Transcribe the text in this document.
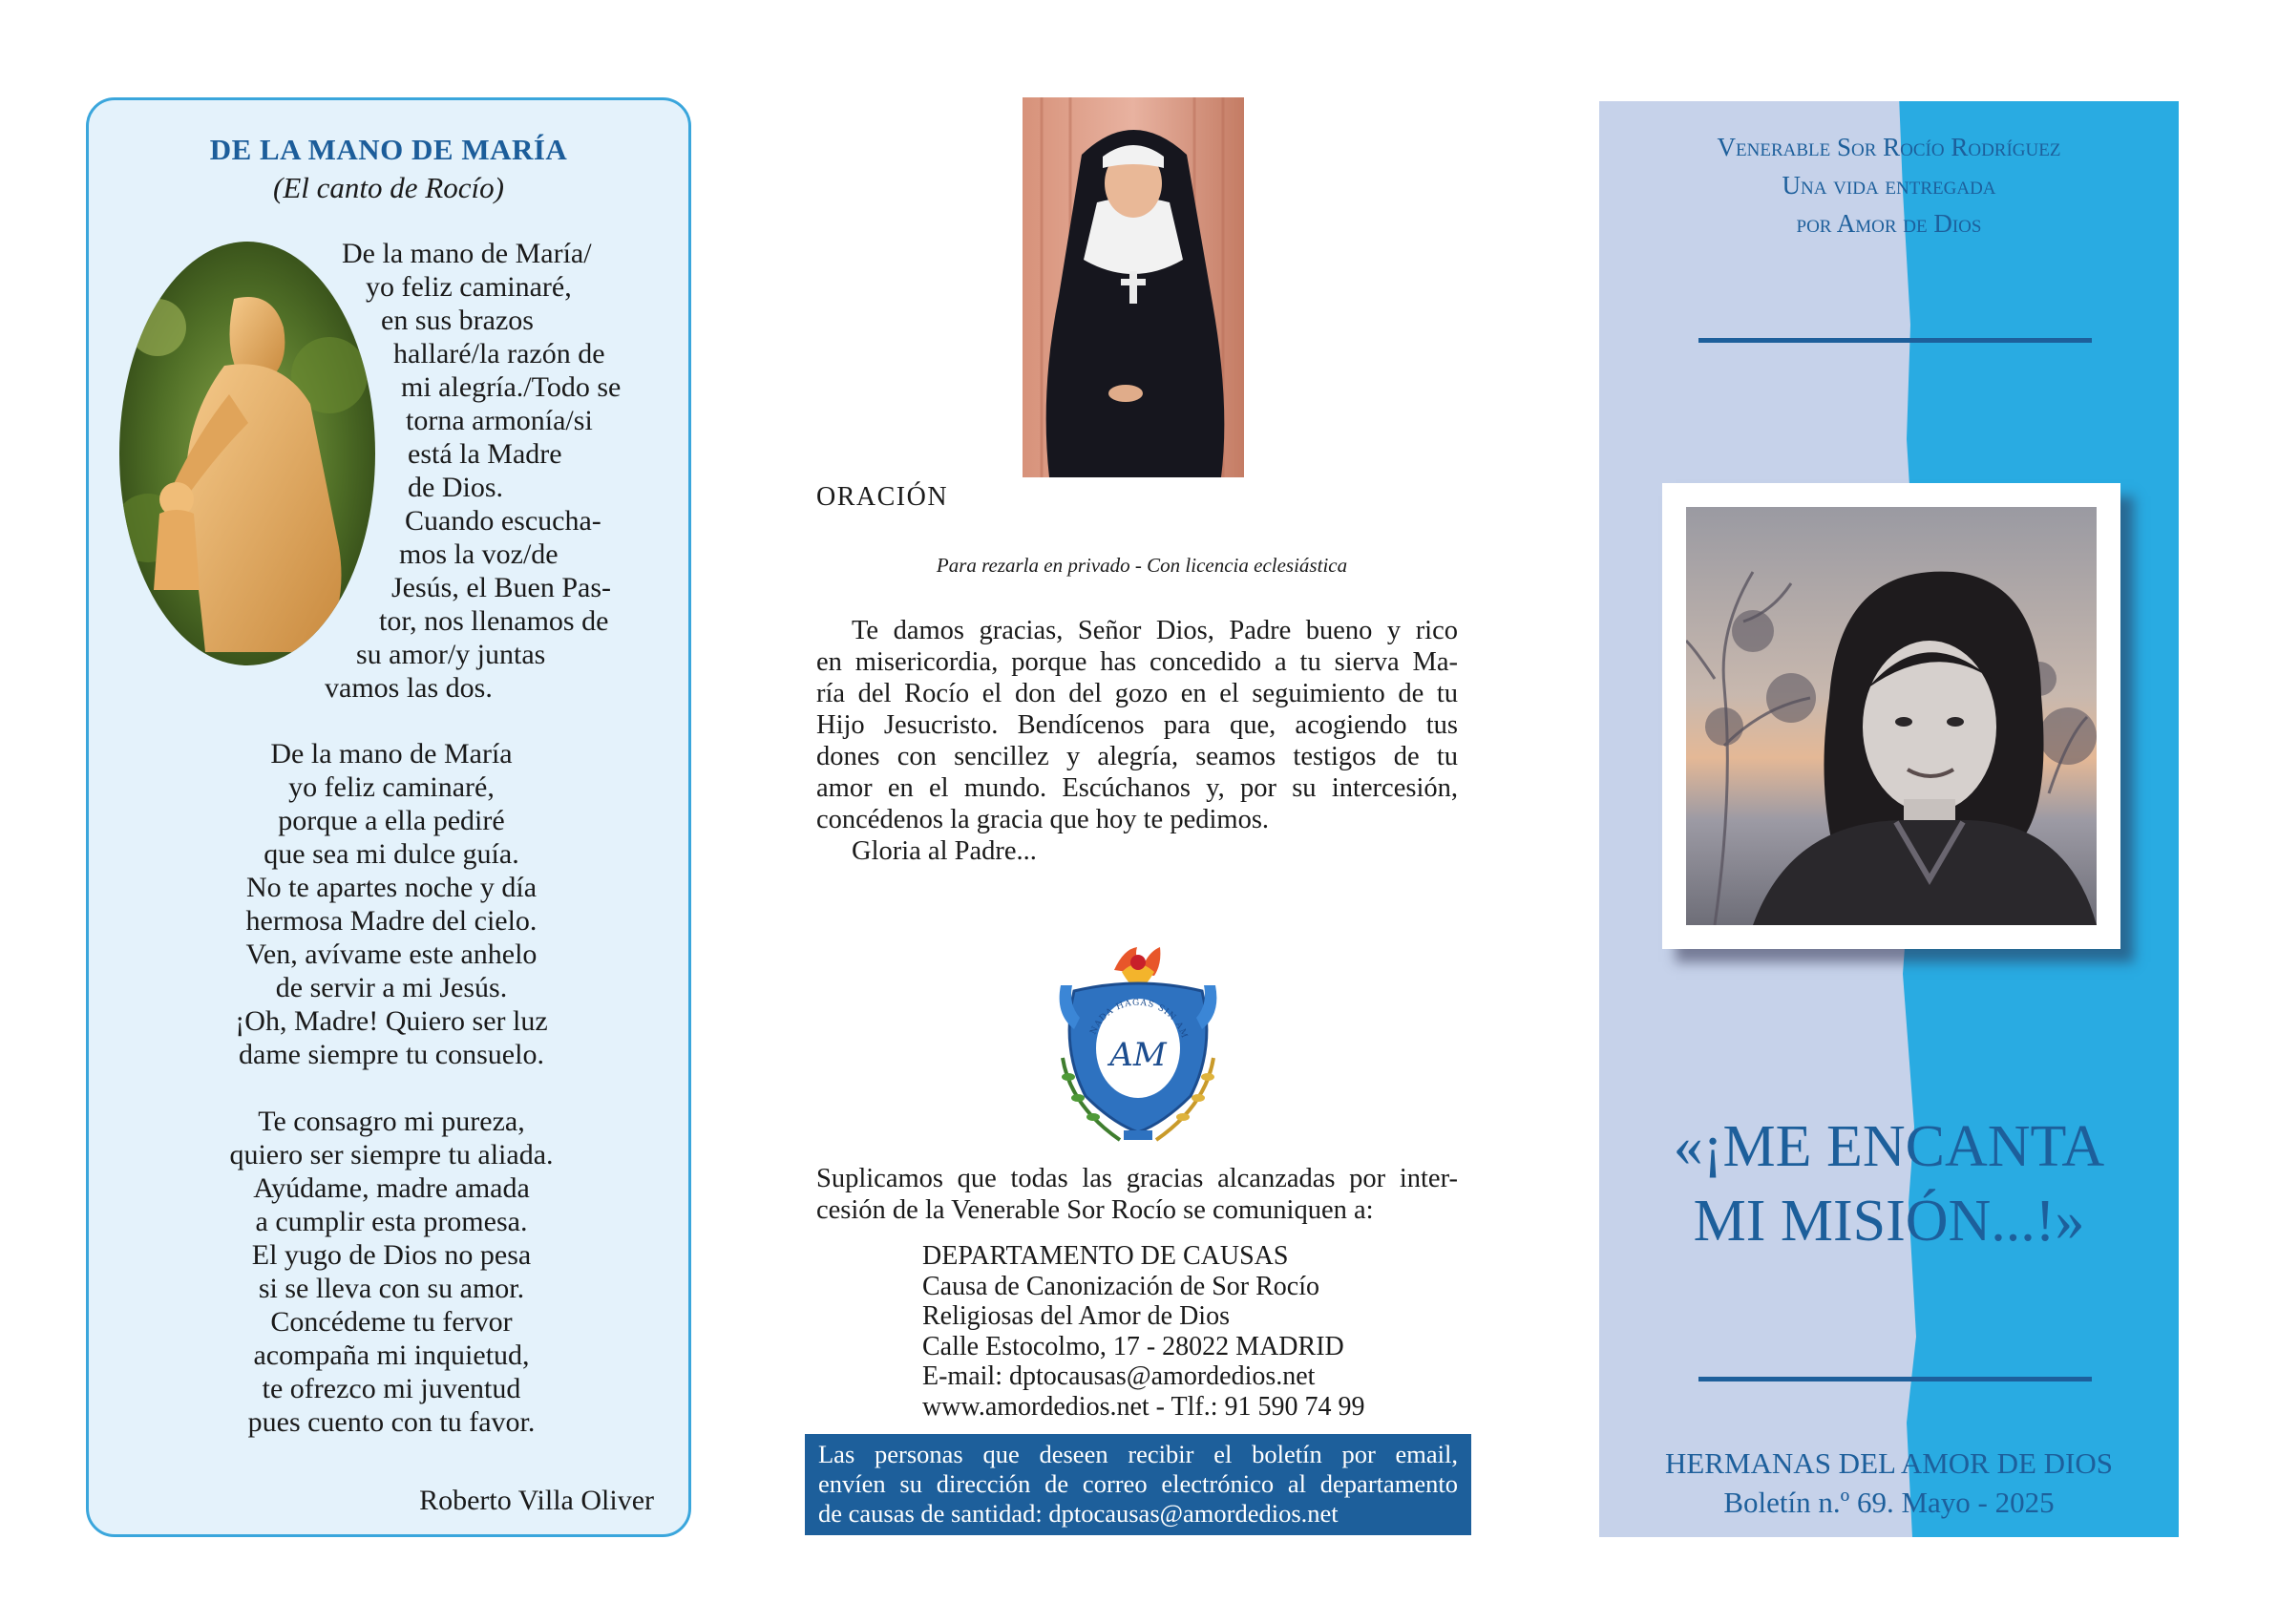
DE LA MANO DE MARÍA
(El canto de Rocío)
De la mano de María/
yo feliz caminaré,
en sus brazos
hallaré/la razón de
mi alegría./Todo se
torna armonía/si
está la Madre
de Dios.
Cuando escucha-
mos la voz/de
Jesús, el Buen Pas-
tor, nos llenamos de
su amor/y juntas
vamos las dos.
De la mano de María
yo feliz caminaré,
porque a ella pediré
que sea mi dulce guía.
No te apartes noche y día
hermosa Madre del cielo.
Ven, avívame este anhelo
de servir a mi Jesús.
¡Oh, Madre! Quiero ser luz
dame siempre tu consuelo.
Te consagro mi pureza,
quiero ser siempre tu aliada.
Ayúdame, madre amada
a cumplir esta promesa.
El yugo de Dios no pesa
si se lleva con su amor.
Concédeme tu fervor
acompaña mi inquietud,
te ofrezco mi juventud
pues cuento con tu favor.
Roberto Villa Oliver
ORACIÓN
Para rezarla en privado - Con licencia eclesiástica
Te damos gracias, Señor Dios, Padre bueno y rico
en misericordia, porque has concedido a tu sierva Ma-
ría del Rocío el don del gozo en el seguimiento de tu
Hijo Jesucristo. Bendícenos para que, acogiendo tus
dones con sencillez y alegría, seamos testigos de tu
amor en el mundo. Escúchanos y, por su intercesión,
concédenos la gracia que hoy te pedimos.
Gloria al Padre...
NADA HAGAS SIN AM
AM
Suplicamos que todas las gracias alcanzadas por inter-
cesión de la Venerable Sor Rocío se comuniquen a:
DEPARTAMENTO DE CAUSAS
Causa de Canonización de Sor Rocío
Religiosas del Amor de Dios
Calle Estocolmo, 17 - 28022 MADRID
E-mail: dptocausas@amordedios.net
www.amordedios.net - Tlf.: 91 590 74 99
Las personas que deseen recibir el boletín por email,
envíen su dirección de correo electrónico al departamento
de causas de santidad: dptocausas@amordedios.net
Venerable Sor Rocío Rodríguez
Una vida entregada
por Amor de Dios
«¡ME ENCANTA
MI MISIÓN...!»
HERMANAS DEL AMOR DE DIOS
Boletín n.º 69. Mayo - 2025
